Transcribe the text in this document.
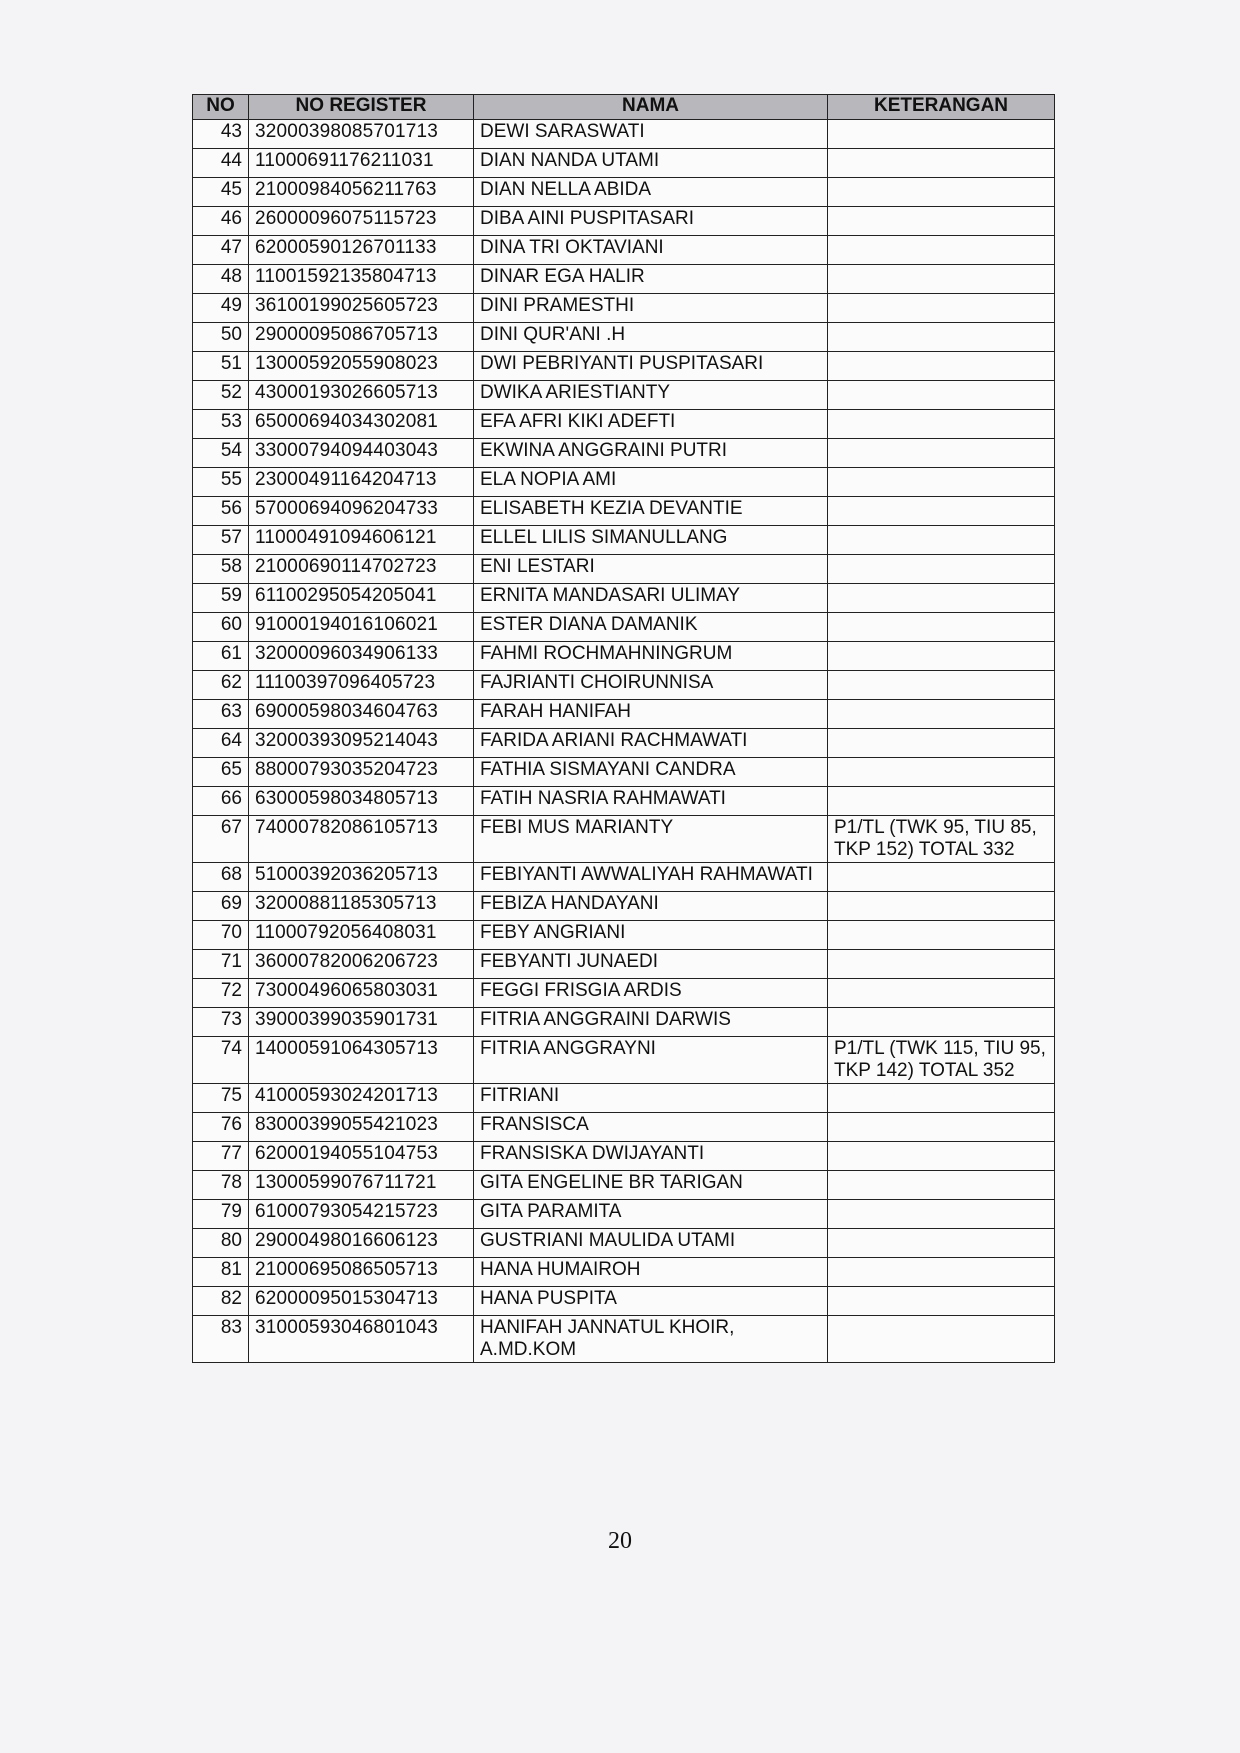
NO	NO REGISTER	NAMA	KETERANGAN
43	32000398085701713	DEWI SARASWATI	
44	11000691176211031	DIAN NANDA UTAMI	
45	21000984056211763	DIAN NELLA ABIDA	
46	26000096075115723	DIBA AINI PUSPITASARI	
47	62000590126701133	DINA TRI OKTAVIANI	
48	11001592135804713	DINAR EGA HALIR	
49	36100199025605723	DINI PRAMESTHI	
50	29000095086705713	DINI QUR'ANI .H	
51	13000592055908023	DWI PEBRIYANTI PUSPITASARI	
52	43000193026605713	DWIKA ARIESTIANTY	
53	65000694034302081	EFA AFRI KIKI ADEFTI	
54	33000794094403043	EKWINA ANGGRAINI PUTRI	
55	23000491164204713	ELA NOPIA AMI	
56	57000694096204733	ELISABETH KEZIA DEVANTIE	
57	11000491094606121	ELLEL LILIS SIMANULLANG	
58	21000690114702723	ENI LESTARI	
59	61100295054205041	ERNITA MANDASARI ULIMAY	
60	91000194016106021	ESTER DIANA DAMANIK	
61	32000096034906133	FAHMI ROCHMAHNINGRUM	
62	11100397096405723	FAJRIANTI CHOIRUNNISA	
63	69000598034604763	FARAH HANIFAH	
64	32000393095214043	FARIDA ARIANI RACHMAWATI	
65	88000793035204723	FATHIA SISMAYANI CANDRA	
66	63000598034805713	FATIH NASRIA RAHMAWATI	
67	74000782086105713	FEBI MUS MARIANTY	P1/TL (TWK 95, TIU 85, TKP 152) TOTAL 332
68	51000392036205713	FEBIYANTI AWWALIYAH RAHMAWATI	
69	32000881185305713	FEBIZA HANDAYANI	
70	11000792056408031	FEBY ANGRIANI	
71	36000782006206723	FEBYANTI JUNAEDI	
72	73000496065803031	FEGGI FRISGIA ARDIS	
73	39000399035901731	FITRIA ANGGRAINI DARWIS	
74	14000591064305713	FITRIA ANGGRAYNI	P1/TL (TWK 115, TIU 95, TKP 142) TOTAL 352
75	41000593024201713	FITRIANI	
76	83000399055421023	FRANSISCA	
77	62000194055104753	FRANSISKA DWIJAYANTI	
78	13000599076711721	GITA ENGELINE BR TARIGAN	
79	61000793054215723	GITA PARAMITA	
80	29000498016606123	GUSTRIANI MAULIDA UTAMI	
81	21000695086505713	HANA HUMAIROH	
82	62000095015304713	HANA PUSPITA	
83	31000593046801043	HANIFAH JANNATUL KHOIR, A.MD.KOM	
20
